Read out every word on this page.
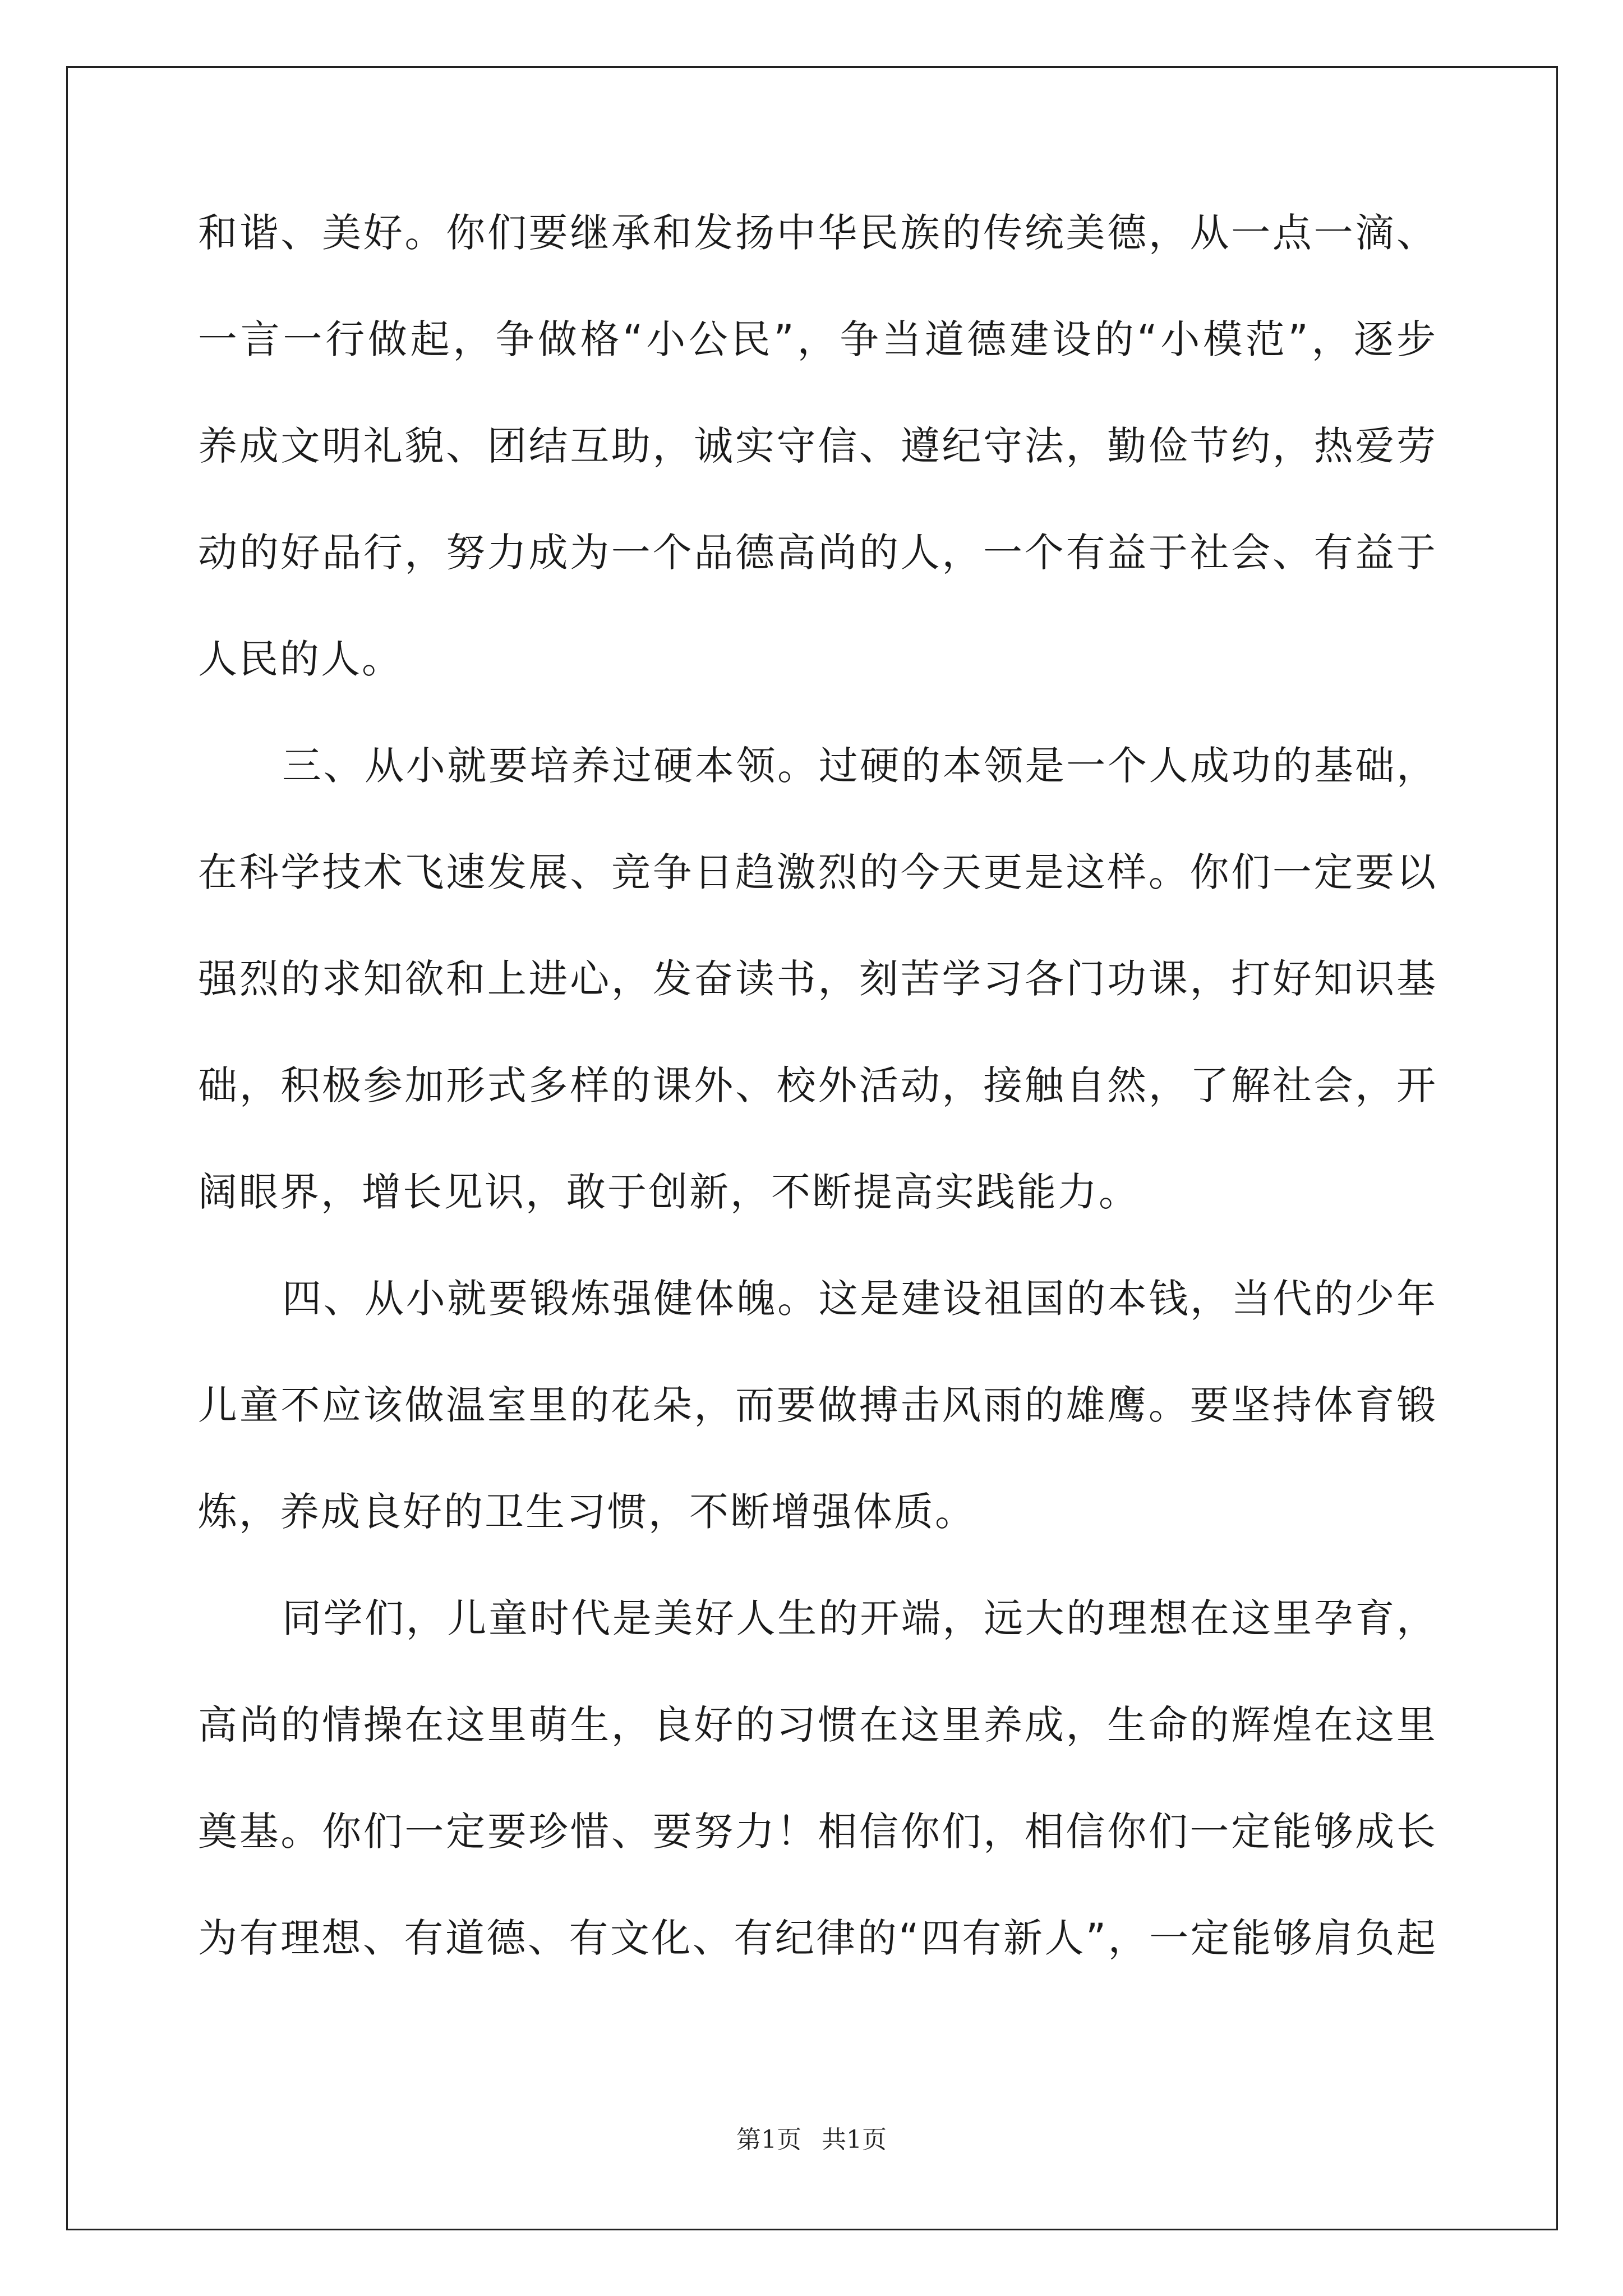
和谐、美好。你们要继承和发扬中华民族的传统美德，从一点一滴、
一言一行做起，争做格“小公民”，争当道德建设的“小模范”，逐步
养成文明礼貌、团结互助，诚实守信、遵纪守法，勤俭节约，热爱劳
动的好品行，努力成为一个品德高尚的人，一个有益于社会、有益于
人民的人。
三、从小就要培养过硬本领。过硬的本领是一个人成功的基础，
在科学技术飞速发展、竞争日趋激烈的今天更是这样。你们一定要以
强烈的求知欲和上进心，发奋读书，刻苦学习各门功课，打好知识基
础，积极参加形式多样的课外、校外活动，接触自然，了解社会，开
阔眼界，增长见识，敢于创新，不断提高实践能力。
四、从小就要锻炼强健体魄。这是建设祖国的本钱，当代的少年
儿童不应该做温室里的花朵，而要做搏击风雨的雄鹰。要坚持体育锻
炼，养成良好的卫生习惯，不断增强体质。
同学们，儿童时代是美好人生的开端，远大的理想在这里孕育，
高尚的情操在这里萌生，良好的习惯在这里养成，生命的辉煌在这里
奠基。你们一定要珍惜、要努力！相信你们，相信你们一定能够成长
为有理想、有道德、有文化、有纪律的“四有新人”，一定能够肩负起
第1页 共1页
